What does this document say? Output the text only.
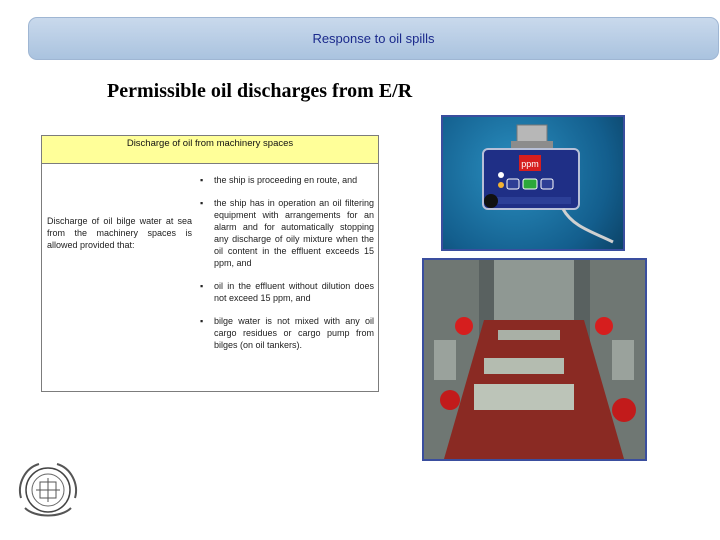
Response to oil spills
Permissible oil discharges from E/R
Discharge of oil from machinery spaces
Discharge of oil bilge water at sea from the machinery spaces is allowed provided that:
▪ the ship is proceeding en route, and
▪ the ship has in operation an oil filtering equipment with arrangements for an alarm and for automatically stopping any discharge of oily mixture when the oil content in the effluent exceeds 15 ppm, and
▪ oil in the effluent without dilution does not exceed 15 ppm, and
▪ bilge water is not mixed with any oil cargo residues or cargo pump from bilges (on oil tankers).
ppm
